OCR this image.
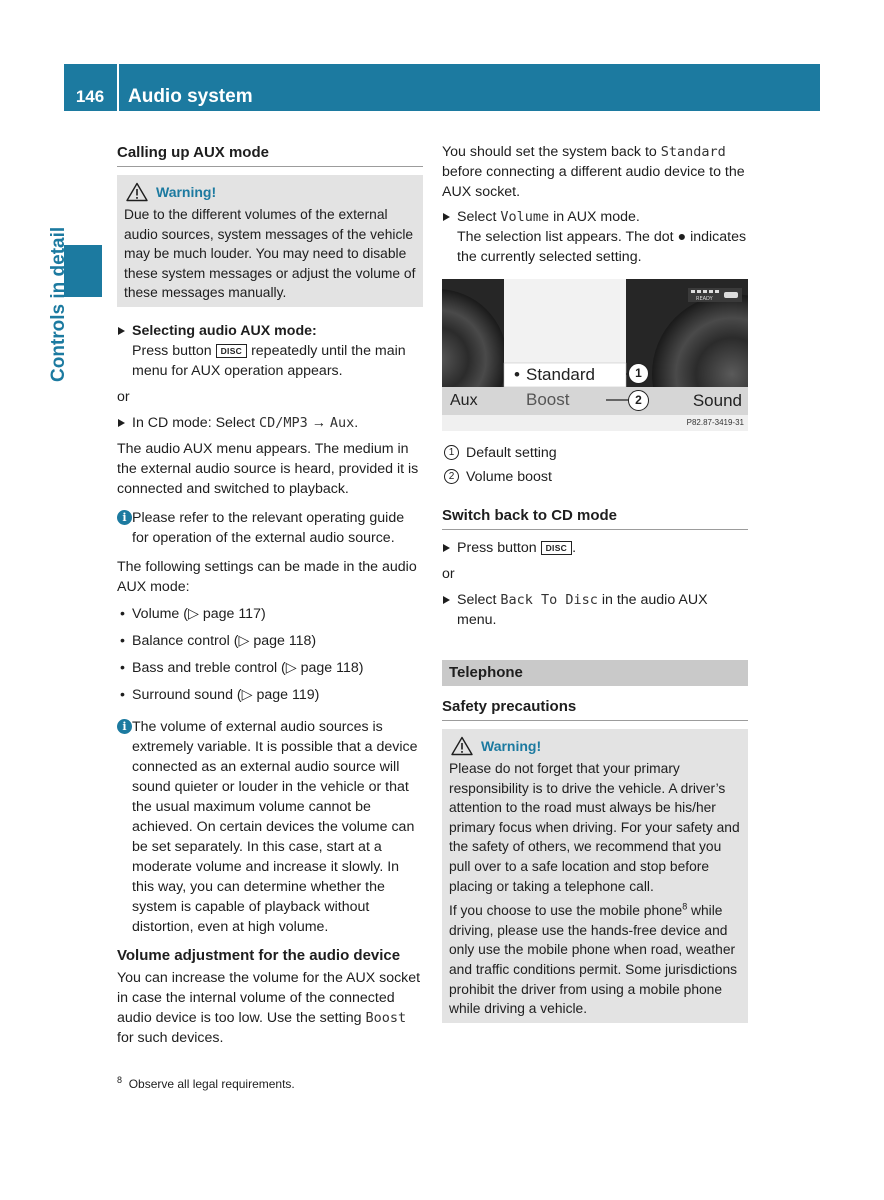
146	Audio system
Controls in detail
Calling up AUX mode
Warning!

Due to the different volumes of the external audio sources, system messages of the vehicle may be much louder. You may need to disable these system messages or adjust the volume of these messages manually.

Selecting audio AUX mode:
Press button DISC repeatedly until the main menu for AUX operation appears.
or
In CD mode: Select CD/MP3 → Aux.

The audio AUX menu appears. The medium in the external audio source is heard, provided it is connected and switched to playback.

i Please refer to the relevant operating guide for operation of the external audio source.

The following settings can be made in the audio AUX mode:

• Volume (▷ page 117)
• Balance control (▷ page 118)
• Bass and treble control (▷ page 118)
• Surround sound (▷ page 119)
i The volume of external audio sources is extremely variable. It is possible that a device connected as an external audio source will sound quieter or louder in the vehicle or that the usual maximum volume cannot be achieved. On certain devices the volume can be set separately. In this case, start at a moderate volume and increase it slowly. In this way, you can determine whether the system is capable of playback without distortion, even at high volume.
Volume adjustment for the audio device

You can increase the volume for the AUX socket in case the internal volume of the connected audio device is too low. Use the setting Boost for such devices.

You should set the system back to Standard before connecting a different audio device to the AUX socket.

Select Volume in AUX mode.
The selection list appears. The dot ● indicates the currently selected setting.
READY
• Standard
Boost
Aux	Sound
1
2
P82.87-3419-31
1 Default setting
2 Volume boost
Switch back to CD mode
Press button DISC .
or
Select Back To Disc in the audio AUX menu.
Telephone
Safety precautions
Warning!

Please do not forget that your primary responsibility is to drive the vehicle. A driver’s attention to the road must always be his/her primary focus when driving. For your safety and the safety of others, we recommend that you pull over to a safe location and stop before placing or taking a telephone call.

If you choose to use the mobile phone$^8$ while driving, please use the hands-free device and only use the mobile phone when road, weather and traffic conditions permit. Some jurisdictions prohibit the driver from using a mobile phone while driving a vehicle.

$^8$ Observe all legal requirements.
